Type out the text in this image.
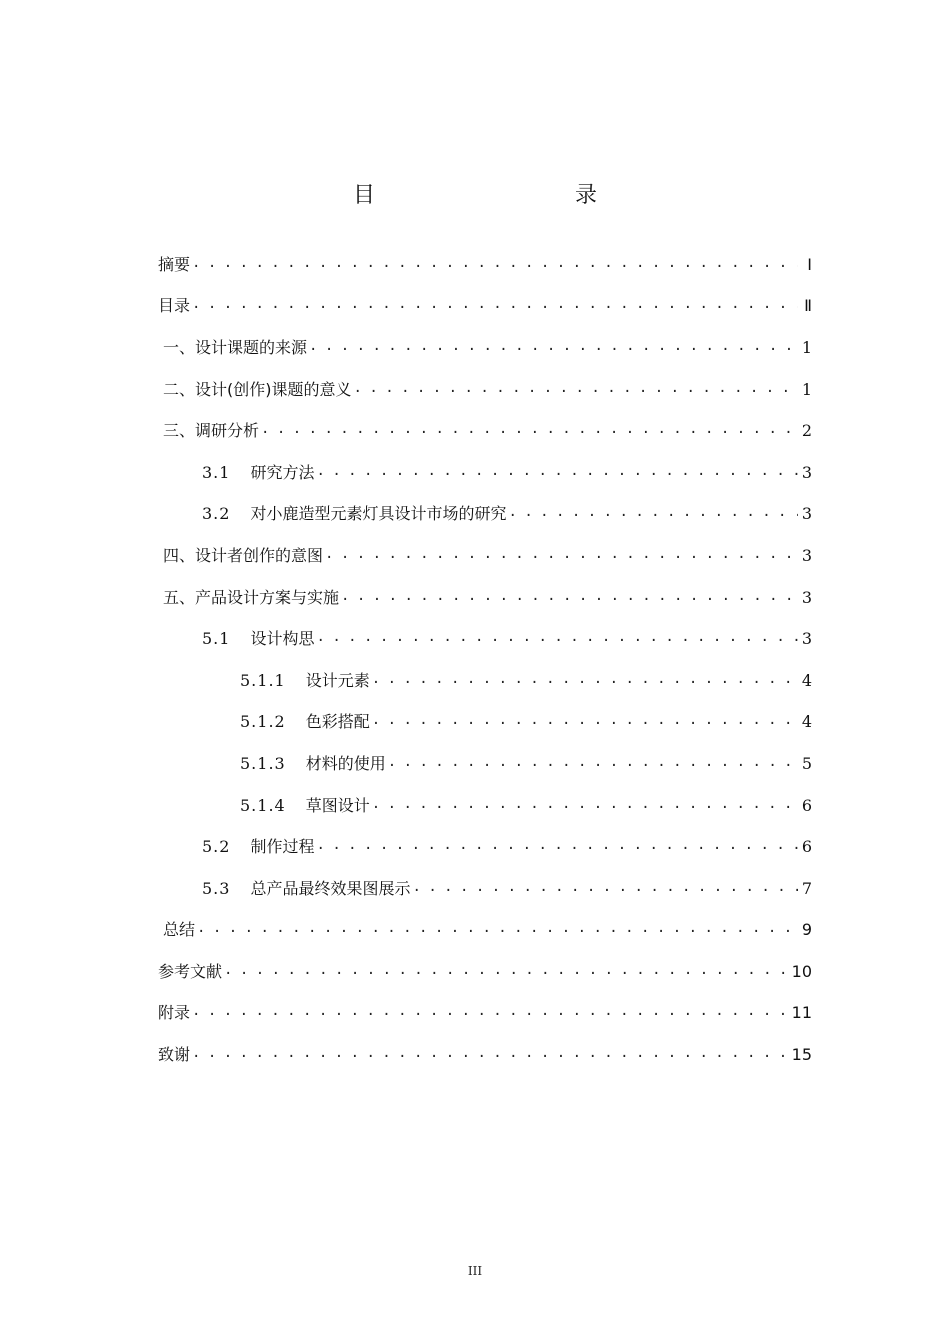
目　　录
摘要 . . .	Ⅰ
目录 . . .	Ⅱ
一、设计课题的来源 . . .	1
二、设计(创作)课题的意义 . . .	1
三、调研分析 . . .	2
3.1 研究方法 . . .	3
3.2 对小鹿造型元素灯具设计市场的研究 . . .	3
四、设计者创作的意图 . . .	3
五、产品设计方案与实施 . . .	3
5.1 设计构思 . . .	3
5.1.1 设计元素 . . .	4
5.1.2 色彩搭配 . . .	4
5.1.3 材料的使用 . . .	5
5.1.4 草图设计 . . .	6
5.2 制作过程 . . .	6
5.3 总产品最终效果图展示 . . .	7
总结 . . .	9
参考文献 . . .	10
附录 . . .	11
致谢 . . .	15
III
